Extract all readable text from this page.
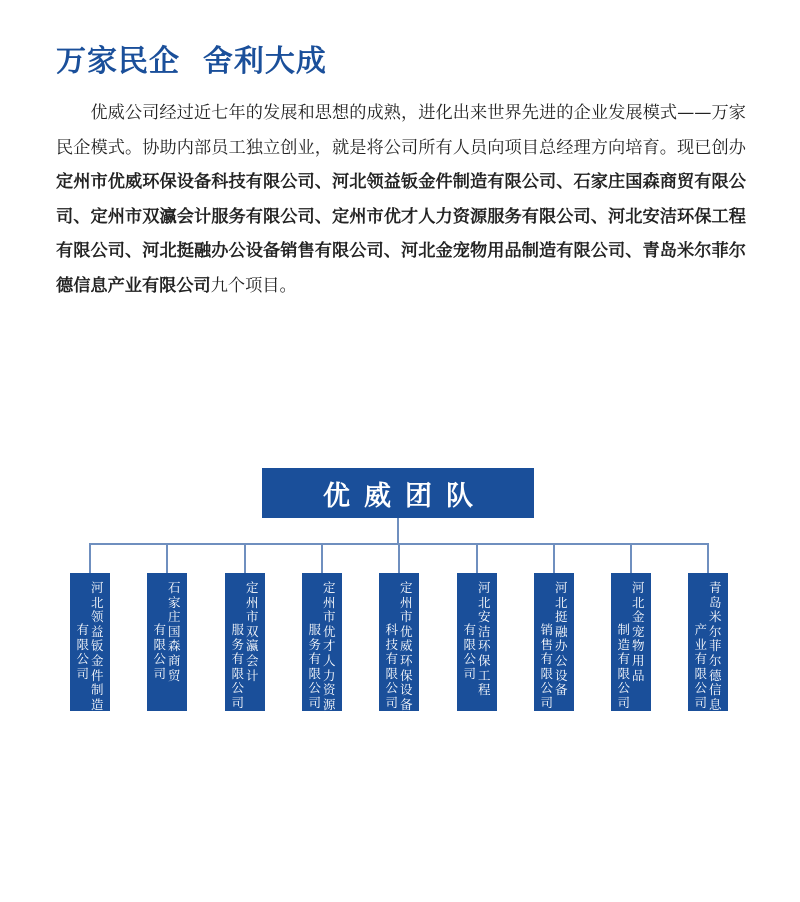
万家民企  舍利大成

优威公司经过近七年的发展和思想的成熟，进化出来世界先进的企业发展模式——万家民企模式。协助内部员工独立创业，就是将公司所有人员向项目总经理方向培育。现已创办定州市优威环保设备科技有限公司、河北领益钣金件制造有限公司、石家庄国森商贸有限公司、定州市双瀛会计服务有限公司、定州市优才人力资源服务有限公司、河北安洁环保工程有限公司、河北挺融办公设备销售有限公司、河北金宠物用品制造有限公司、青岛米尔菲尔德信息产业有限公司九个项目。

优威团队
河
北
领
益
钣
金
件
制
造
有
限
公
司
石
家
庄
国
森
商
贸
有
限
公
司
定
州
市
双
瀛
会
计
服
务
有
限
公
司
定
州
市
优
才
人
力
资
源
服
务
有
限
公
司
定
州
市
优
威
环
保
设
备
科
技
有
限
公
司
河
北
安
洁
环
保
工
程
有
限
公
司
河
北
挺
融
办
公
设
备
销
售
有
限
公
司
河
北
金
宠
物
用
品
制
造
有
限
公
司
青
岛
米
尔
菲
尔
德
信
息
产
业
有
限
公
司
